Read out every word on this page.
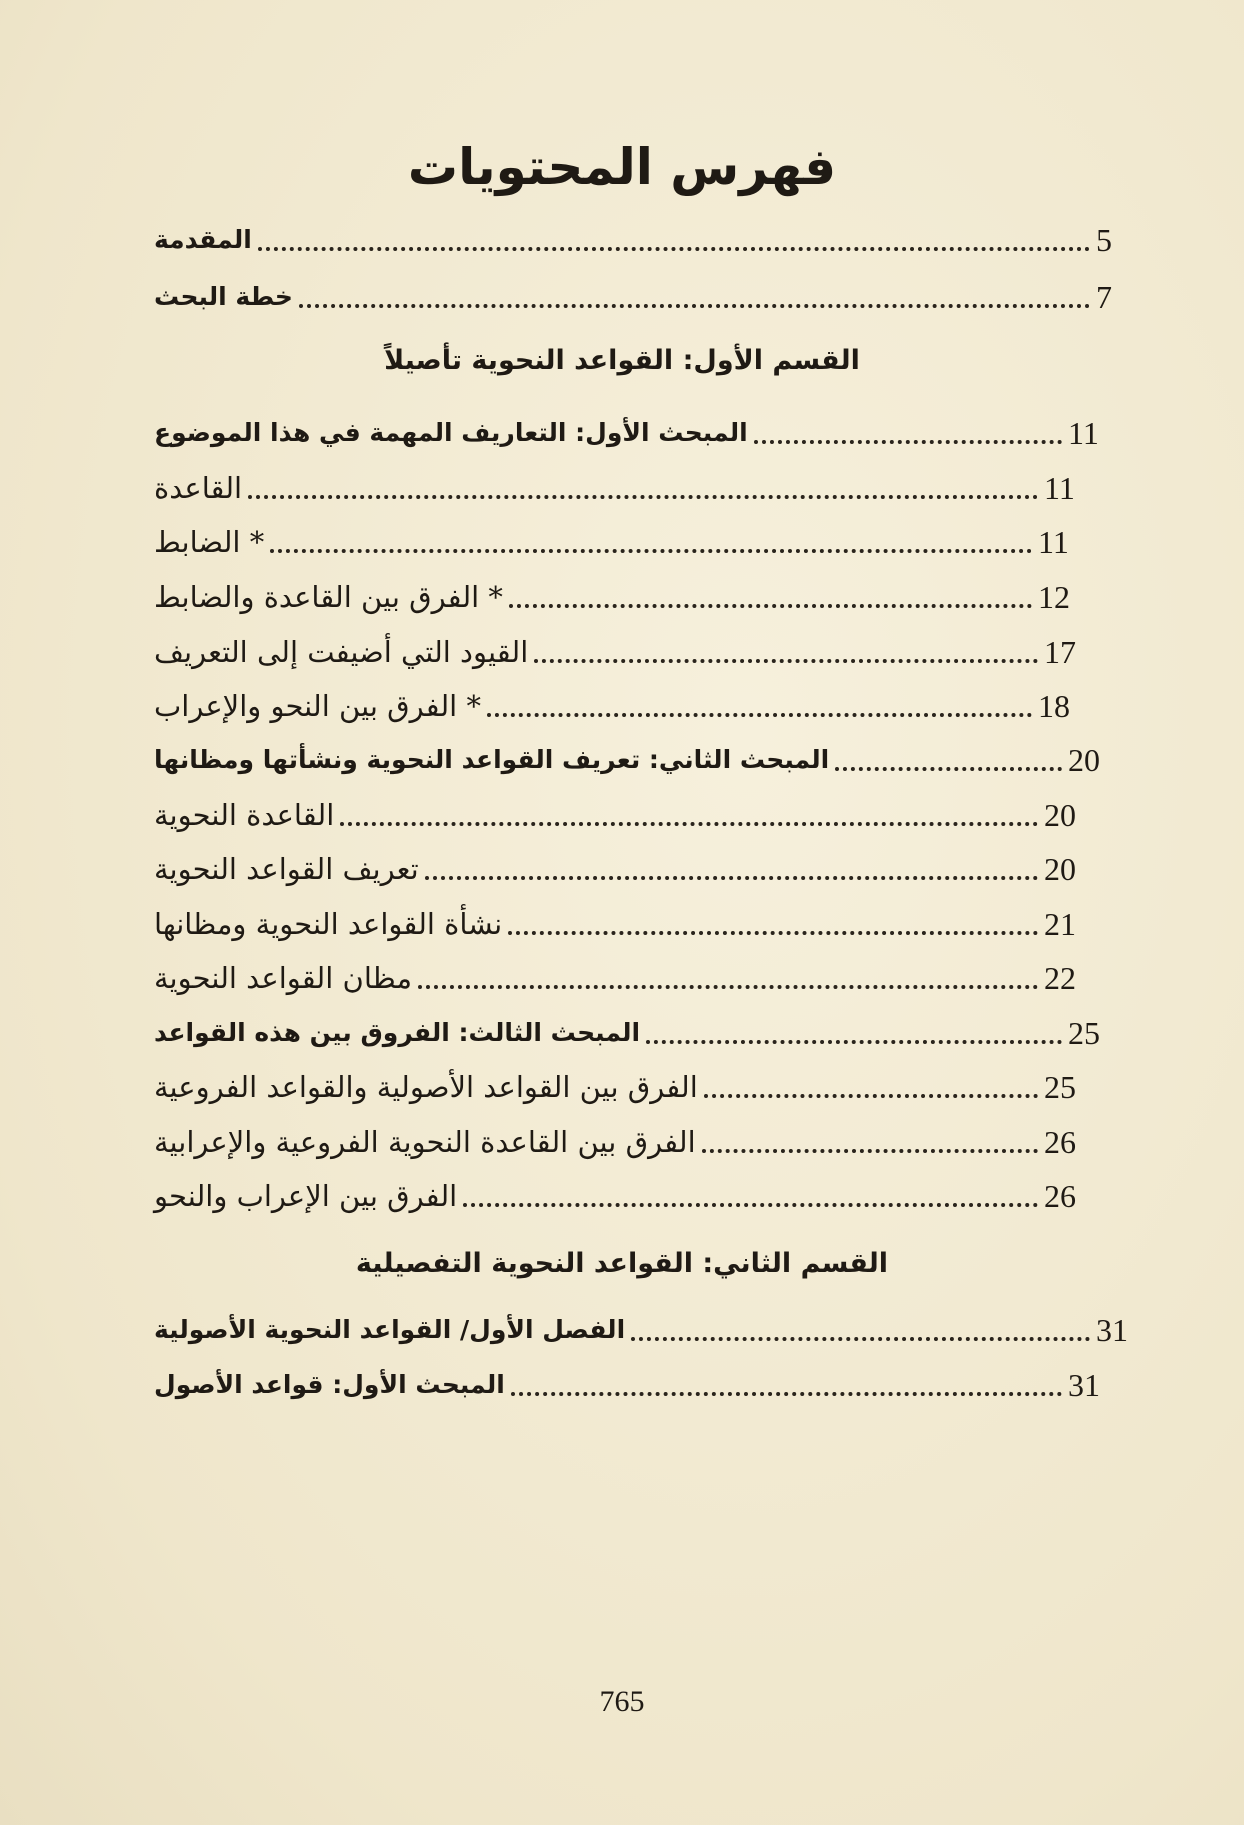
فهرس المحتويات
المقدمة	5
خطة البحث	7
القسم الأول: القواعد النحوية تأصيلاً
المبحث الأول: التعاريف المهمة في هذا الموضوع	11
القاعدة	11
* الضابط	11
* الفرق بين القاعدة والضابط	12
القيود التي أضيفت إلى التعريف	17
* الفرق بين النحو والإعراب	18
المبحث الثاني: تعريف القواعد النحوية ونشأتها ومظانها	20
القاعدة النحوية	20
تعريف القواعد النحوية	20
نشأة القواعد النحوية ومظانها	21
مظان القواعد النحوية	22
المبحث الثالث: الفروق بين هذه القواعد	25
الفرق بين القواعد الأصولية والقواعد الفروعية	25
الفرق بين القاعدة النحوية الفروعية والإعرابية	26
الفرق بين الإعراب والنحو	26
القسم الثاني: القواعد النحوية التفصيلية
الفصل الأول/ القواعد النحوية الأصولية	31
المبحث الأول: قواعد الأصول	31
765
